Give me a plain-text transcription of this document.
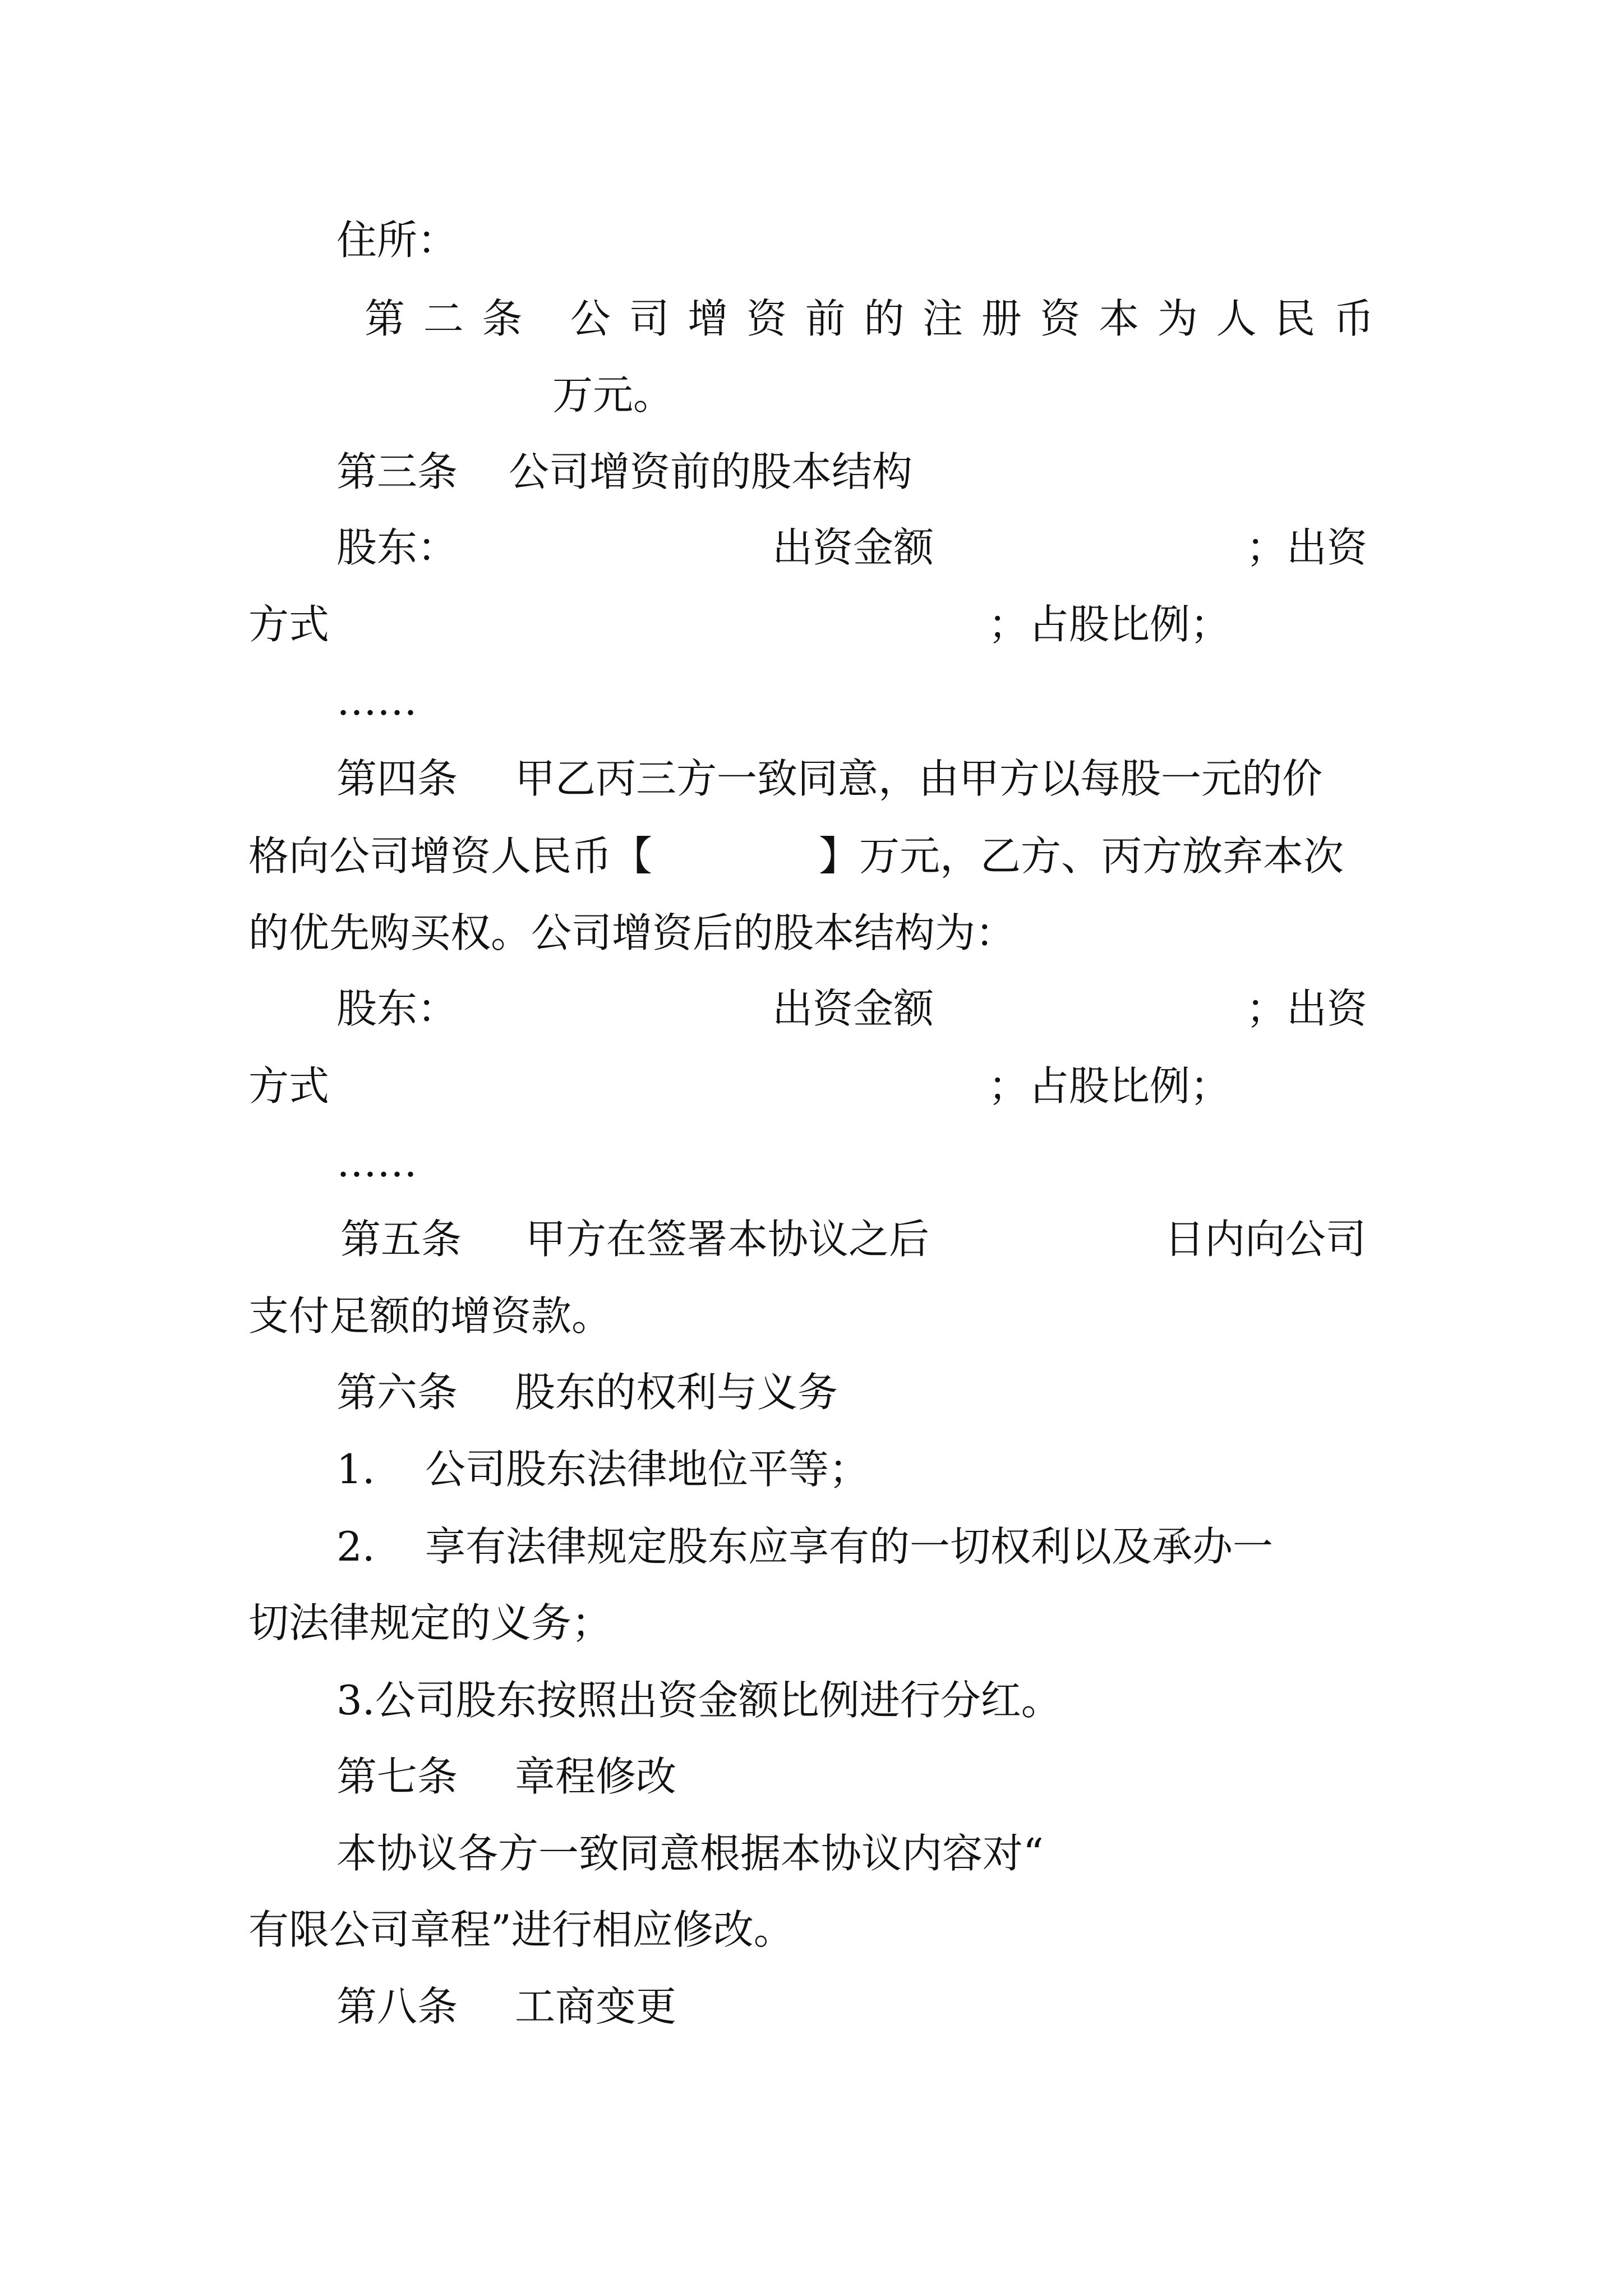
住所：
第 二 条 公 司 增 资 前 的 注 册 资 本 为 人 民 币
万元。
第三条 公司增资前的股本结构
股东：	出资金额	；出资
方式	；占股比例；
……
第四条 甲乙丙三方一致同意，由甲方以每股一元的价
格向公司增资人民币【	】万元，乙方、丙方放弃本次
的优先购买权。公司增资后的股本结构为：
股东：	出资金额	；出资
方式	；占股比例；
……
第五条 甲方在签署本协议之后	日内向公司
支付足额的增资款。
第六条 股东的权利与义务
1. 公司股东法律地位平等；
2. 享有法律规定股东应享有的一切权利以及承办一
切法律规定的义务；
3.公司股东按照出资金额比例进行分红。
第七条 章程修改
本协议各方一致同意根据本协议内容对“
有限公司章程”进行相应修改。
第八条 工商变更
